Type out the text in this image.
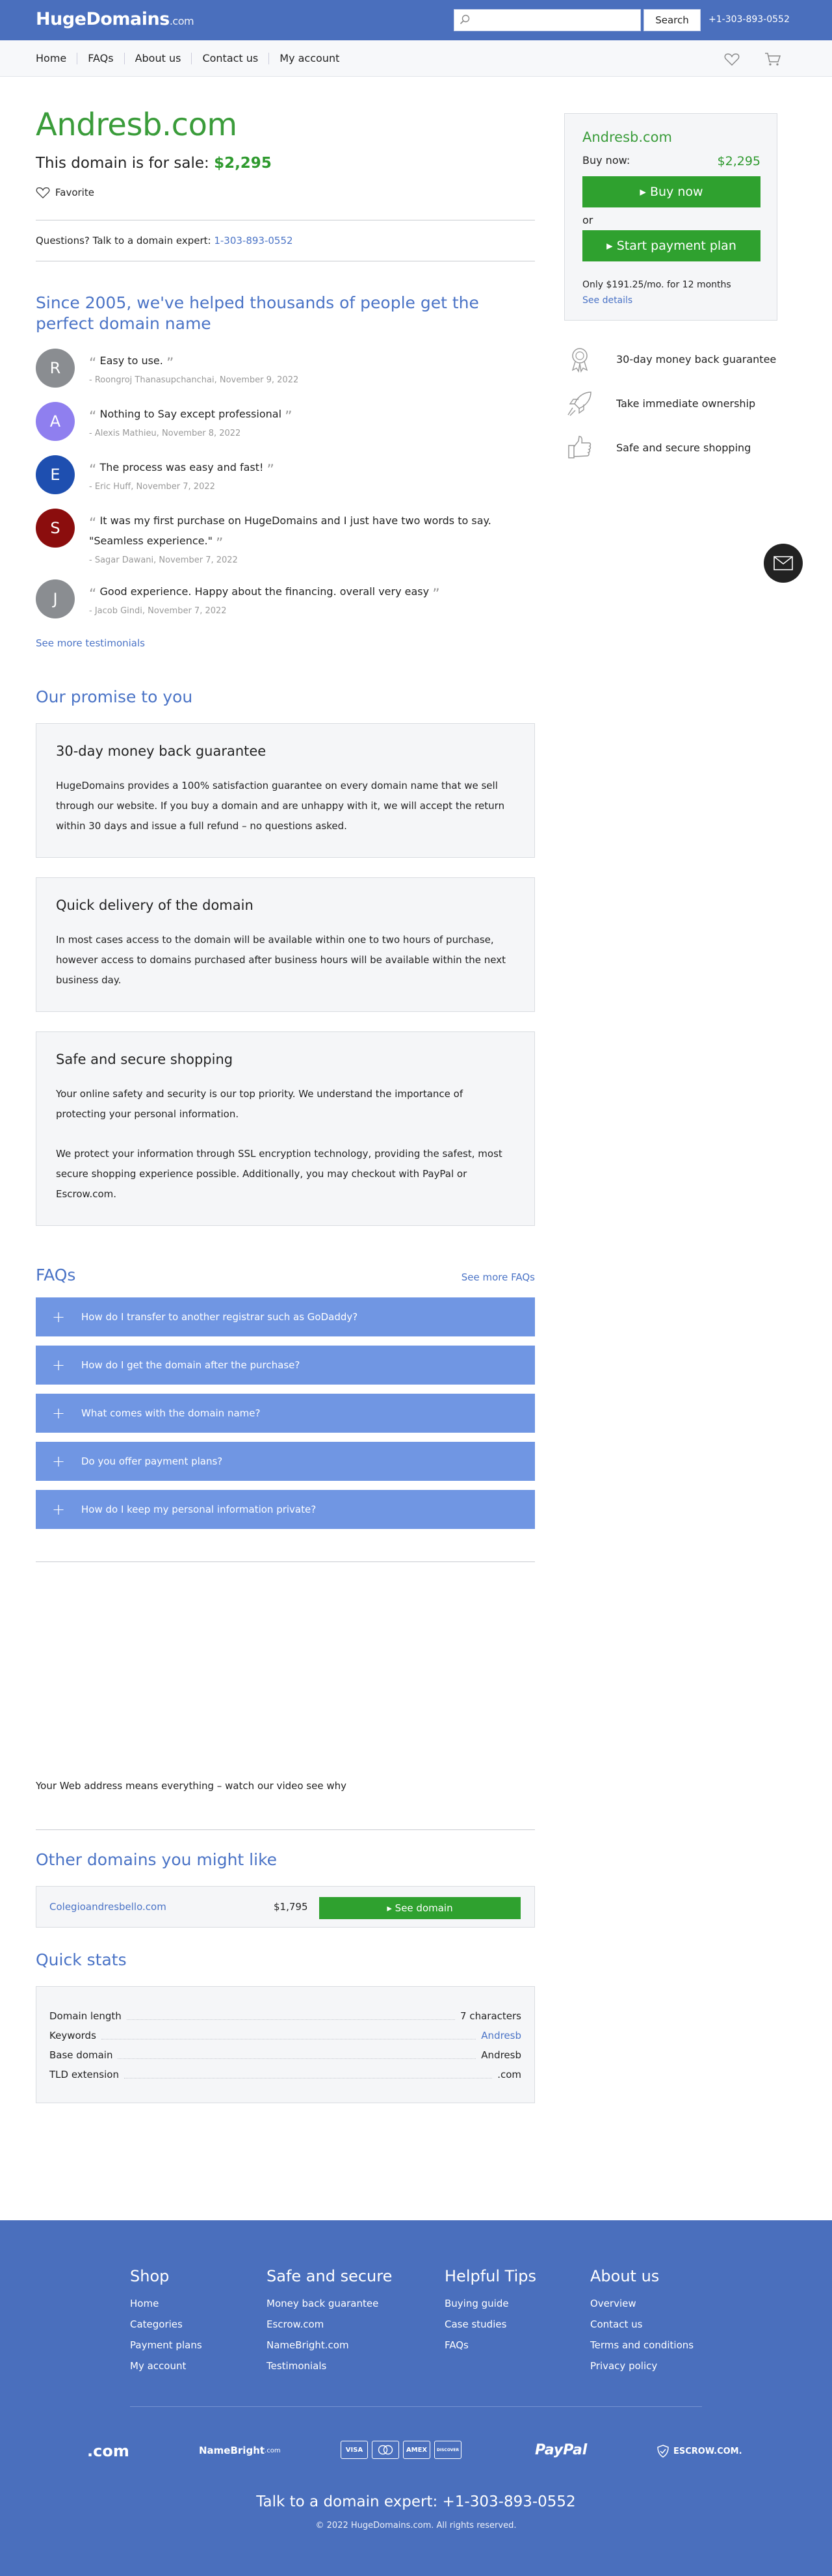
HugeDomains.com	Search	+1-303-893-0552
Home	FAQs	About us	Contact us	My account
Andresb.com
This domain is for sale: $2,295
Favorite
Questions? Talk to a domain expert: 1-303-893-0552
Since 2005, we've helped thousands of people get the perfect domain name
R	“ Easy to use. ”
- Roongroj Thanasupchanchai, November 9, 2022
A	“ Nothing to Say except professional ”
- Alexis Mathieu, November 8, 2022
E	“ The process was easy and fast! ”
- Eric Huff, November 7, 2022
S	“ It was my first purchase on HugeDomains and I just have two words to say. "Seamless experience." ”
- Sagar Dawani, November 7, 2022
J	“ Good experience. Happy about the financing. overall very easy ”
- Jacob Gindi, November 7, 2022
See more testimonials
Our promise to you
30-day money back guarantee

HugeDomains provides a 100% satisfaction guarantee on every domain name that we sell through our website. If you buy a domain and are unhappy with it, we will accept the return within 30 days and issue a full refund – no questions asked.

Quick delivery of the domain

In most cases access to the domain will be available within one to two hours of purchase, however access to domains purchased after business hours will be available within the next business day.

Safe and secure shopping

Your online safety and security is our top priority. We understand the importance of protecting your personal information.

We protect your information through SSL encryption technology, providing the safest, most secure shopping experience possible. Additionally, you may checkout with PayPal or Escrow.com.

FAQs	See more FAQs
+	How do I transfer to another registrar such as GoDaddy?
+	How do I get the domain after the purchase?
+	What comes with the domain name?
+	Do you offer payment plans?
+	How do I keep my personal information private?
Your Web address means everything – watch our video see why
Other domains you might like
Colegioandresbello.com	$1,795	▸ See domain
Quick stats
Domain length	7 characters
Keywords	Andresb
Base domain	Andresb
TLD extension	.com
Andresb.com
Buy now:	$2,295
▸ Buy now
or
▸ Start payment plan
Only $191.25/mo. for 12 months
See details
30-day money back guarantee
Take immediate ownership
Safe and secure shopping
Shop
Home
Categories
Payment plans
My account
Safe and secure
Money back guarantee
Escrow.com
NameBright.com
Testimonials
Helpful Tips
Buying guide
Case studies
FAQs
About us
Overview
Contact us
Terms and conditions
Privacy policy
.com	NameBright .com	VISA	AMEX	DISCOVER	PayPal	ESCROW.COM.
Talk to a domain expert: +1-303-893-0552
© 2022 HugeDomains.com. All rights reserved.
